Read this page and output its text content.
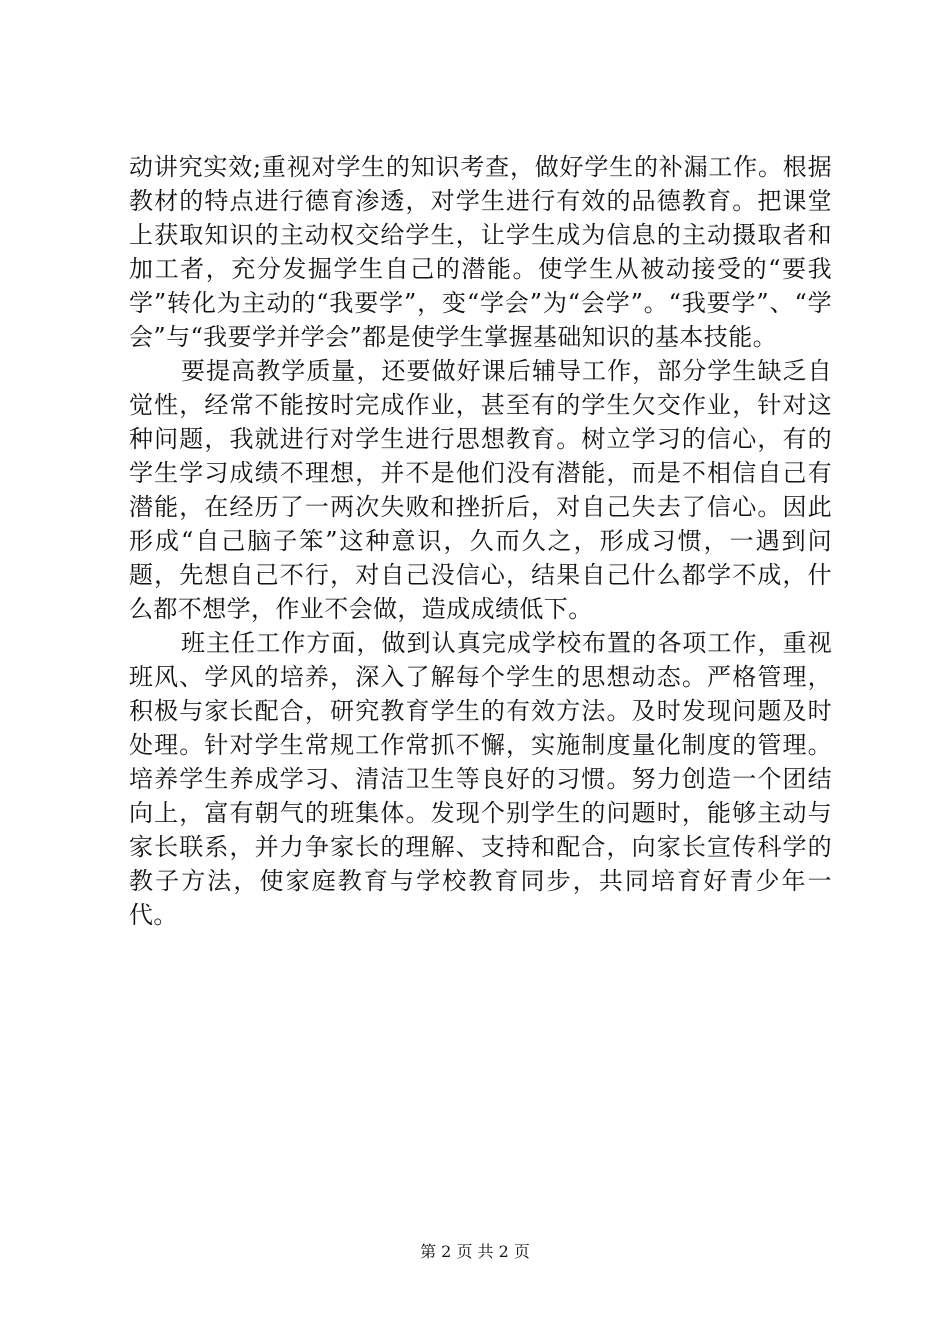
动讲究实效;重视对学生的知识考查，做好学生的补漏工作。根据教材的特点进行德育渗透，对学生进行有效的品德教育。把课堂上获取知识的主动权交给学生，让学生成为信息的主动摄取者和加工者，充分发掘学生自己的潜能。使学生从被动接受的“要我学”转化为主动的“我要学”，变“学会”为“会学”。“我要学”、“学会”与“我要学并学会”都是使学生掌握基础知识的基本技能。

要提高教学质量，还要做好课后辅导工作，部分学生缺乏自觉性，经常不能按时完成作业，甚至有的学生欠交作业，针对这种问题，我就进行对学生进行思想教育。树立学习的信心，有的学生学习成绩不理想，并不是他们没有潜能，而是不相信自己有潜能，在经历了一两次失败和挫折后，对自己失去了信心。因此形成“自己脑子笨”这种意识，久而久之，形成习惯，一遇到问题，先想自己不行，对自己没信心，结果自己什么都学不成，什么都不想学，作业不会做，造成成绩低下。

班主任工作方面，做到认真完成学校布置的各项工作，重视班风、学风的培养，深入了解每个学生的思想动态。严格管理，积极与家长配合，研究教育学生的有效方法。及时发现问题及时处理。针对学生常规工作常抓不懈，实施制度量化制度的管理。培养学生养成学习、清洁卫生等良好的习惯。努力创造一个团结向上，富有朝气的班集体。发现个别学生的问题时，能够主动与家长联系，并力争家长的理解、支持和配合，向家长宣传科学的教子方法，使家庭教育与学校教育同步，共同培育好青少年一代。

第 2 页 共 2 页
